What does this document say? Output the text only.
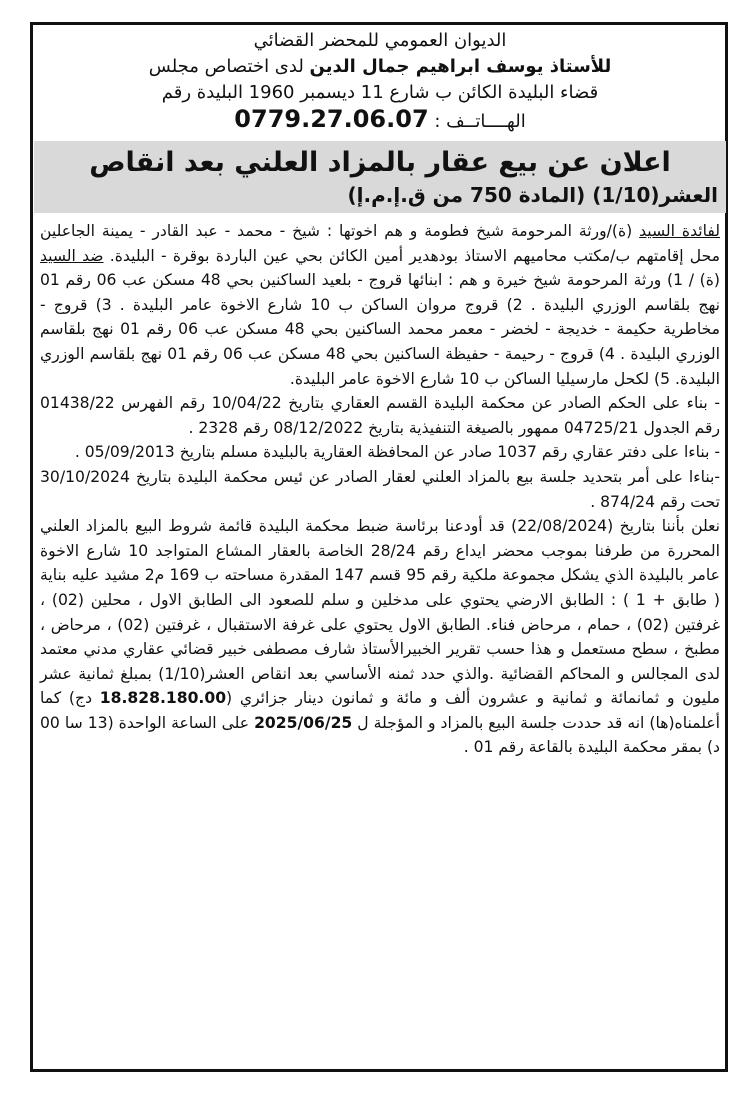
الديوان العمومي للمحضر القضائي
للأستاذ يوسف ابراهيم جمال الدين لدى اختصاص مجلس
قضاء البليدة الكائن ب شارع 11 ديسمبر 1960 البليدة رقم
الهــــاتــف : 0779.27.06.07
اعلان عن بيع عقار بالمزاد العلني بعد انقاص
العشر(1/10) (المادة 750 من ق.إ.م.إ)

لفائدة السيد (ة)/ورثة المرحومة شيخ فطومة و هم اخوتها : شيخ - محمد - عبد القادر - يمينة الجاعلين محل إقامتهم ب/مكتب محاميهم الاستاذ بودهدير أمين الكائن بحي عين الباردة بوقرة - البليدة. ضد السيد (ة) / 1) ورثة المرحومة شيخ خيرة و هم : ابنائها قروج - بلعيد الساكنين بحي 48 مسكن عب 06 رقم 01 نهج بلقاسم الوزري البليدة . 2) قروج مروان الساكن ب 10 شارع الاخوة عامر البليدة . 3) قروج - مخاطرية حكيمة - خديجة - لخضر - معمر محمد الساكنين بحي 48 مسكن عب 06 رقم 01 نهج بلقاسم الوزري البليدة . 4) قروج - رحيمة - حفيظة الساكنين بحي 48 مسكن عب 06 رقم 01 نهج بلقاسم الوزري البليدة. 5) لكحل مارسيليا الساكن ب 10 شارع الاخوة عامر البليدة.

- بناء على الحكم الصادر عن محكمة البليدة القسم العقاري بتاريخ 10/04/22 رقم الفهرس 01438/22 رقم الجدول 04725/21 ممهور بالصيغة التنفيذية بتاريخ 08/12/2022 رقم 2328 .

- بناءا على دفتر عقاري رقم 1037 صادر عن المحافظة العقارية بالبليدة مسلم بتاريخ 05/09/2013 .

-بناءا على أمر بتحديد جلسة بيع بالمزاد العلني لعقار الصادر عن ئيس محكمة البليدة بتاريخ 30/10/2024 تحت رقم 874/24 .

نعلن بأننا بتاريخ (22/08/2024) قد أودعنا برئاسة ضبط محكمة البليدة قائمة شروط البيع بالمزاد العلني المحررة من طرفنا بموجب محضر ايداع رقم 28/24 الخاصة بالعقار المشاع المتواجد 10 شارع الاخوة عامر بالبليدة الذي يشكل مجموعة ملكية رقم 95 قسم 147 المقدرة مساحته ب 169 م2 مشيد عليه بناية ( طابق + 1 ) : الطابق الارضي يحتوي على مدخلين و سلم للصعود الى الطابق الاول ، محلين (02) ، غرفتين (02) ، حمام ، مرحاض فناء. الطابق الاول يحتوي على غرفة الاستقبال ، غرفتين (02) ، مرحاض ، مطبخ ، سطح مستعمل و هذا حسب تقرير الخبيرالأستاذ شارف مصطفى خبير قضائي عقاري مدني معتمد لدى المجالس و المحاكم القضائية .والذي حدد ثمنه الأساسي بعد انقاص العشر(1/10) بمبلغ ثمانية عشر مليون و ثمانمائة و ثمانية و عشرون ألف و مائة و ثمانون دينار جزائري (18.828.180.00 دج) كما أعلمناه(ها) انه قد حددت جلسة البيع بالمزاد و المؤجلة ل 2025/06/25 على الساعة الواحدة (13 سا 00 د) بمقر محكمة البليدة بالقاعة رقم 01 .
